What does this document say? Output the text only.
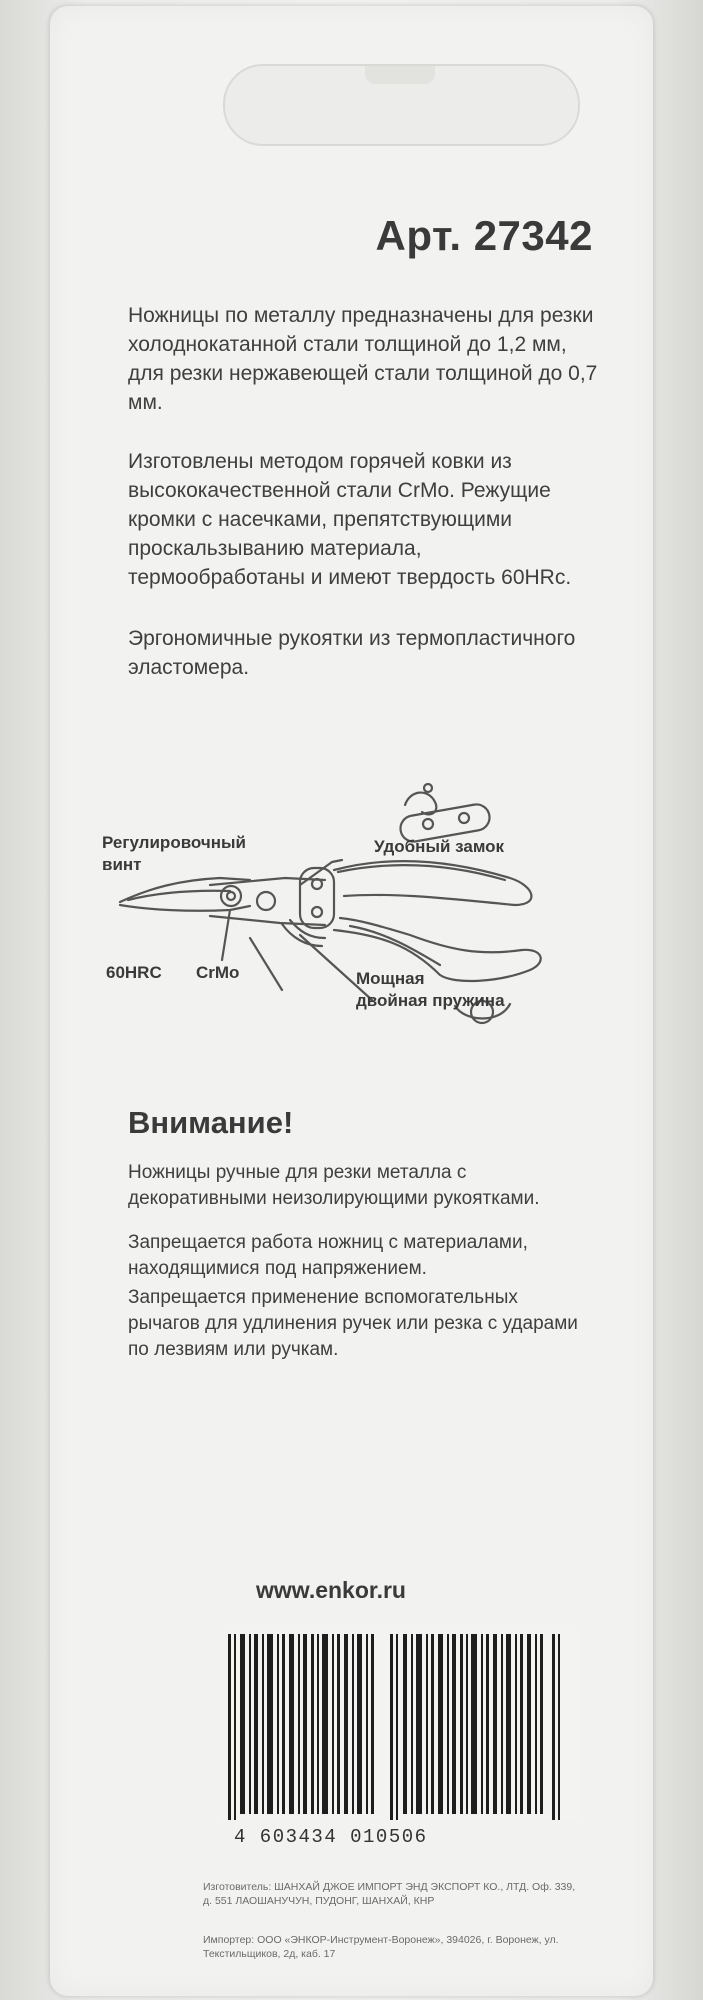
Арт. 27342
Ножницы по металлу предназначены для резки холоднокатанной стали толщиной до 1,2 мм, для резки нержавеющей стали толщиной до 0,7 мм.
Изготовлены методом горячей ковки из высококачественной стали CrMo. Режущие кромки с насечками, препятствующими проскальзыванию материала, термообработаны и имеют твердость 60HRc.
Эргономичные рукоятки из термопластичного эластомера.
Регулировочный
винт
Удобный замок
60HRC CrMo	Мощная
двойная пружина
Внимание!
Ножницы ручные для резки металла с декоративными неизолирующими рукоятками.
Запрещается работа ножниц с материалами, находящимися под напряжением.
Запрещается применение вспомогательных рычагов для удлинения ручек или резка с ударами по лезвиям или ручкам.
www.enkor.ru
4 603434 010506
Изготовитель: ШАНХАЙ ДЖОЕ ИМПОРТ ЭНД ЭКСПОРТ КО., ЛТД. Оф. 339, д. 551 ЛАОШАНУЧУН, ПУДОНГ, ШАНХАЙ, КНР
Импортер: ООО «ЭНКОР-Инструмент-Воронеж», 394026, г. Воронеж, ул. Текстильщиков, 2д, каб. 17
